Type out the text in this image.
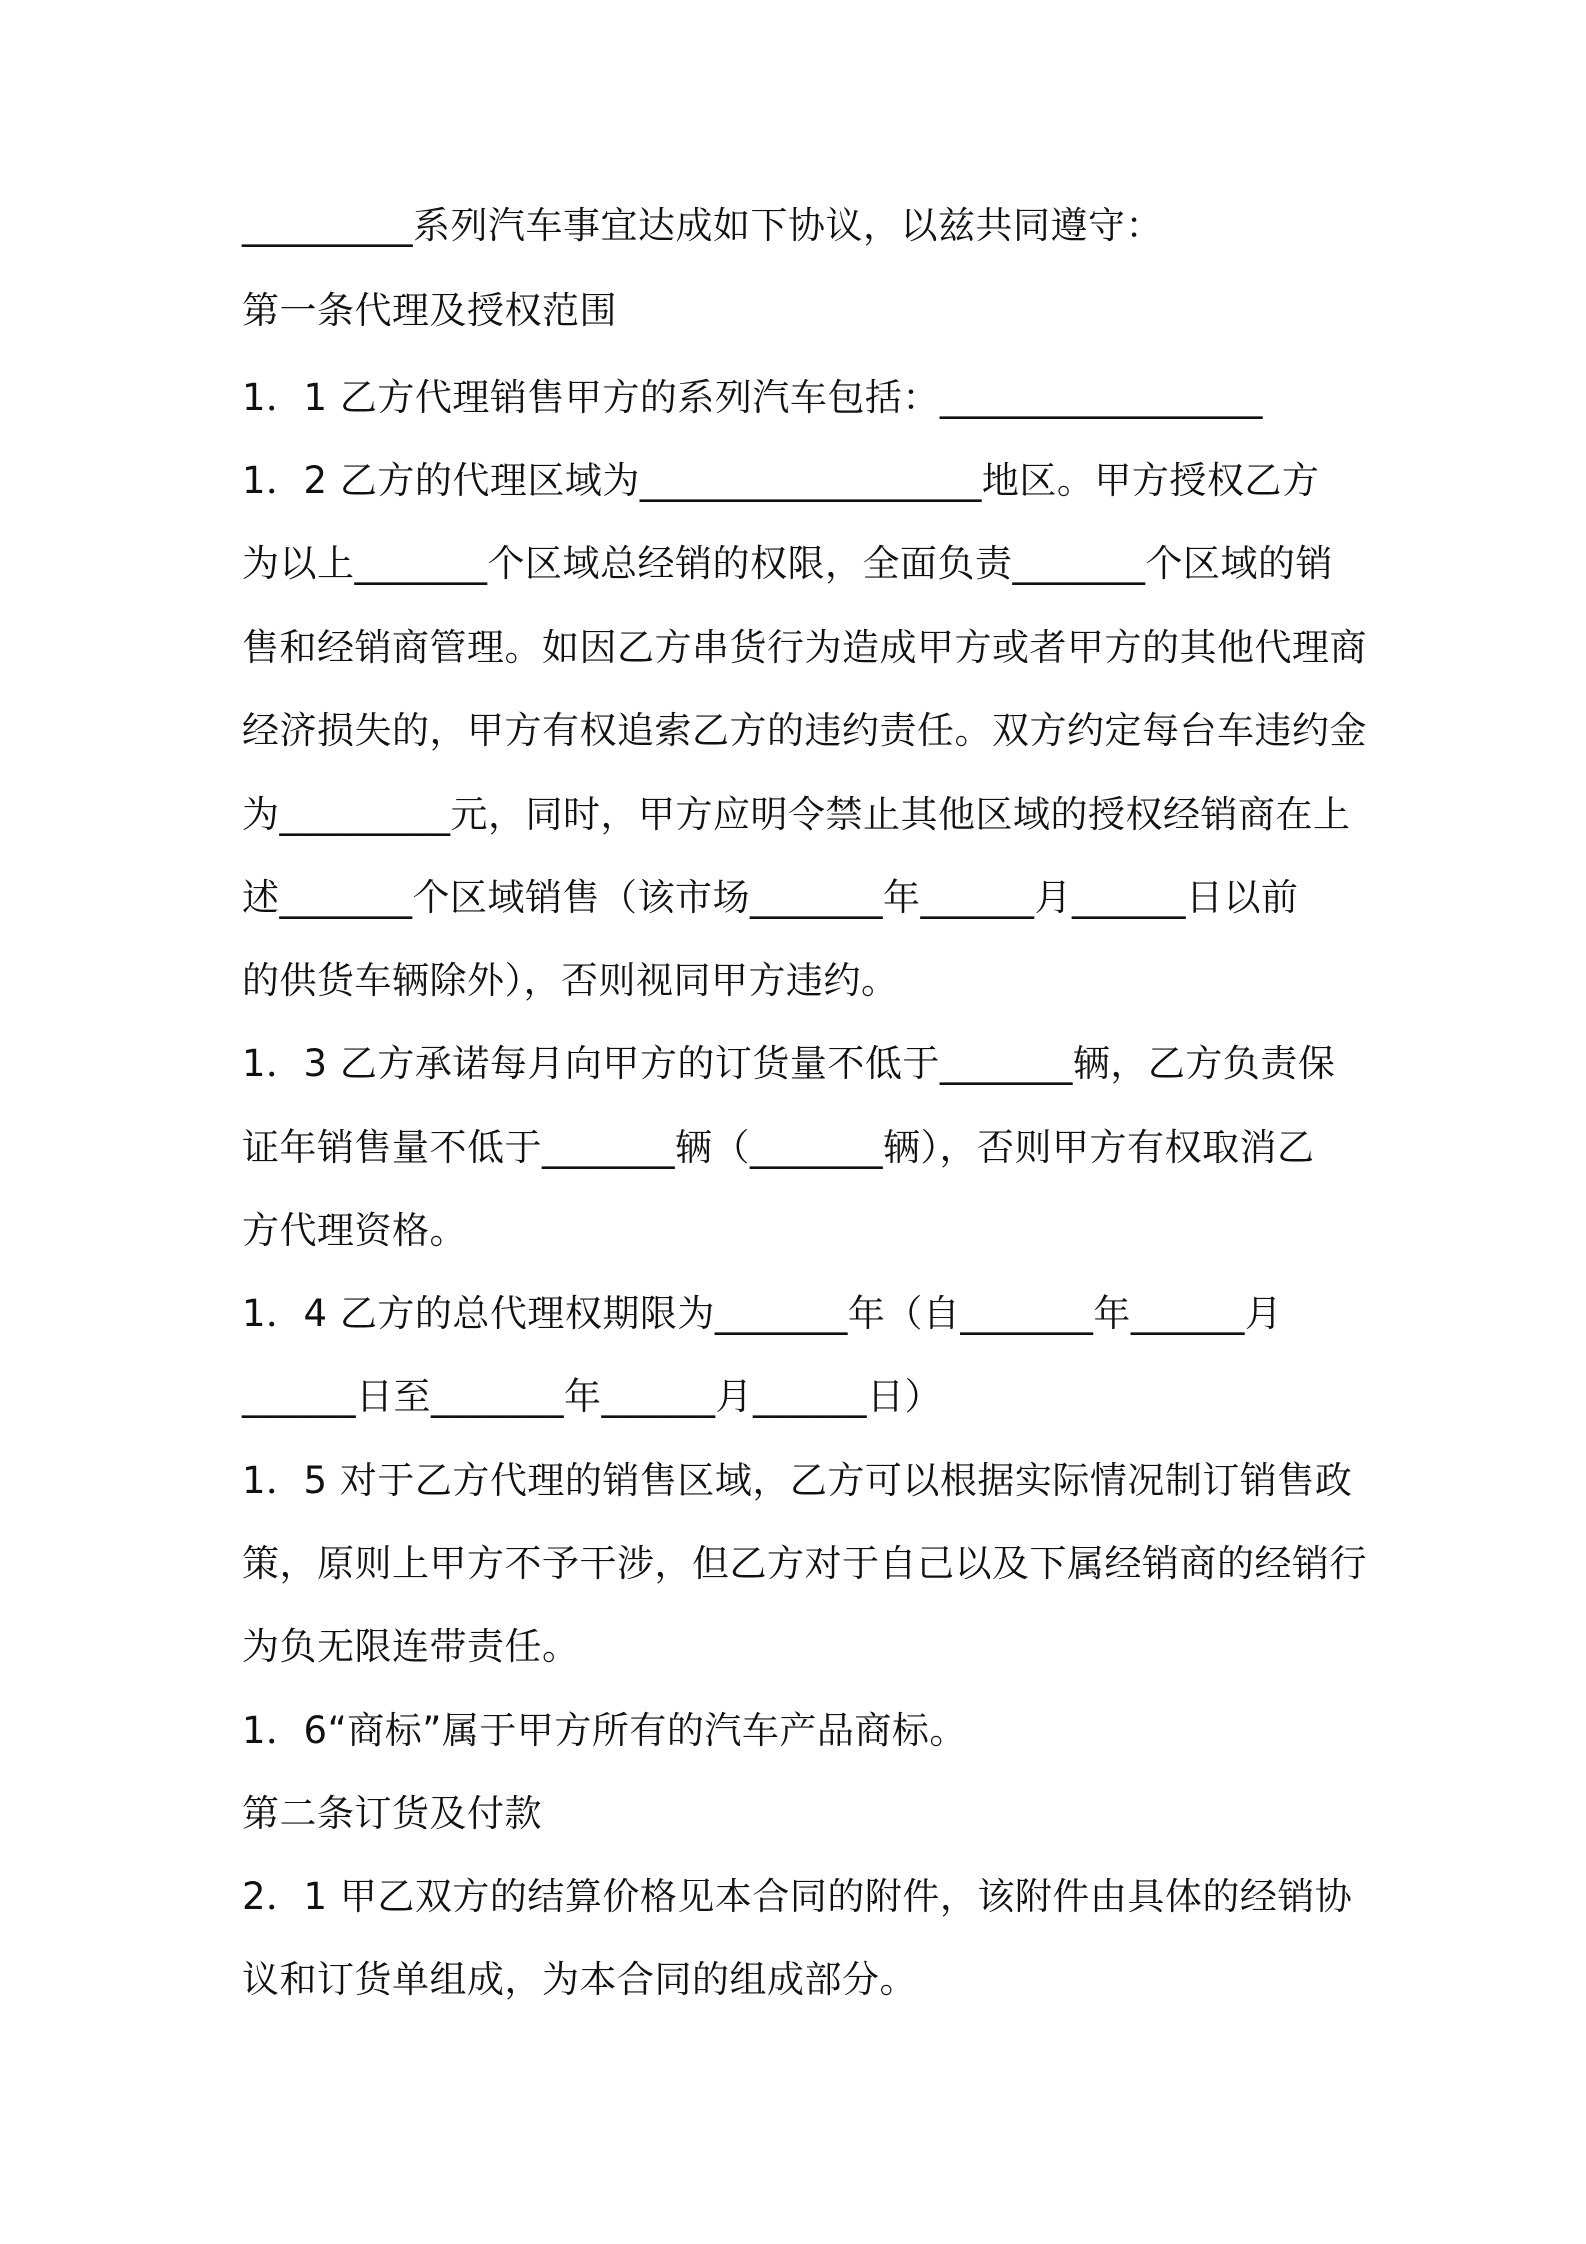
_________系列汽车事宜达成如下协议，以兹共同遵守：
第一条代理及授权范围
1．1 乙方代理销售甲方的系列汽车包括：_________________
1．2 乙方的代理区域为__________________地区。甲方授权乙方
为以上_______个区域总经销的权限，全面负责_______个区域的销
售和经销商管理。如因乙方串货行为造成甲方或者甲方的其他代理商
经济损失的，甲方有权追索乙方的违约责任。双方约定每台车违约金
为_________元，同时，甲方应明令禁止其他区域的授权经销商在上
述_______个区域销售（该市场_______年______月______日以前
的供货车辆除外），否则视同甲方违约。
1．3 乙方承诺每月向甲方的订货量不低于_______辆，乙方负责保
证年销售量不低于_______辆（_______辆），否则甲方有权取消乙
方代理资格。
1．4 乙方的总代理权期限为_______年（自_______年______月
______日至_______年______月______日）
1．5 对于乙方代理的销售区域，乙方可以根据实际情况制订销售政
策，原则上甲方不予干涉，但乙方对于自己以及下属经销商的经销行
为负无限连带责任。
1．6“商标”属于甲方所有的汽车产品商标。
第二条订货及付款
2．1 甲乙双方的结算价格见本合同的附件，该附件由具体的经销协
议和订货单组成，为本合同的组成部分。
